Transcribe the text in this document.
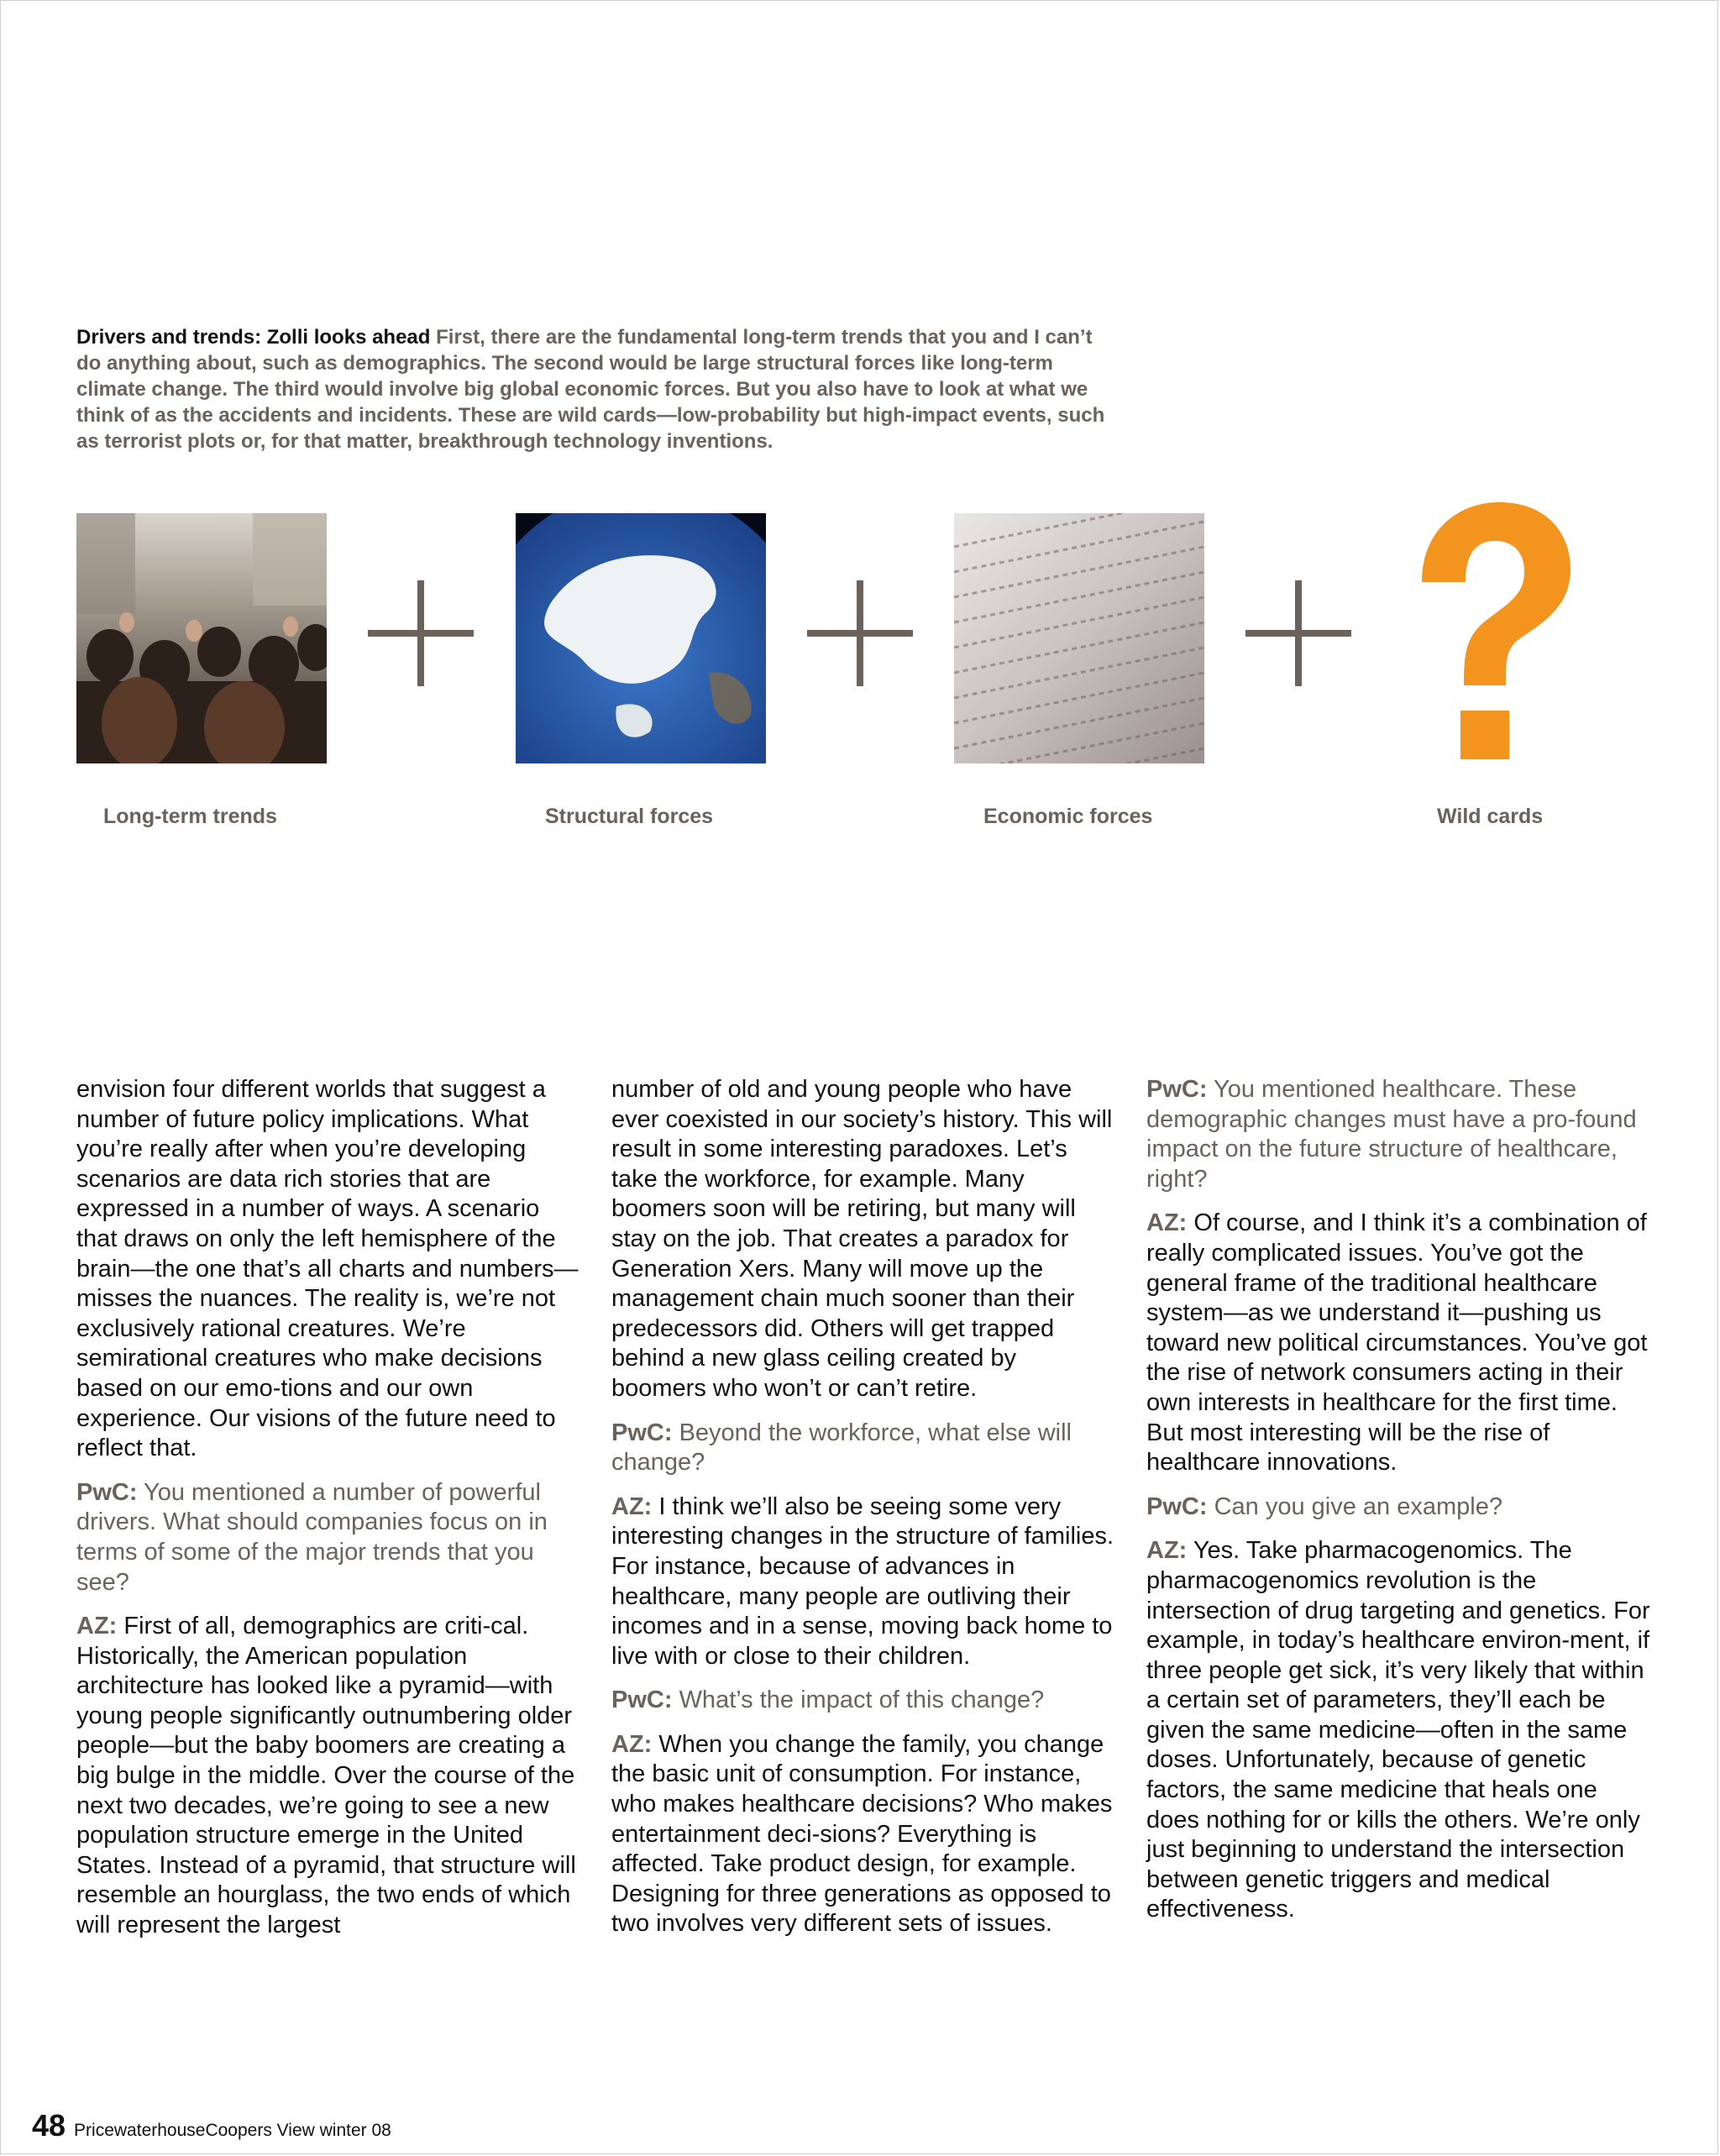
Drivers and trends: Zolli looks ahead First, there are the fundamental long-term trends that you and I can’t do anything about, such as demographics. The second would be large structural forces like long-term climate change. The third would involve big global economic forces. But you also have to look at what we think of as the accidents and incidents. These are wild cards—low-probability but high-impact events, such as terrorist plots or, for that matter, breakthrough technology inventions.
Long-term trends	Structural forces	Economic forces	Wild cards

envision four different worlds that suggest a number of future policy implications. What you’re really after when you’re developing scenarios are data rich stories that are expressed in a number of ways. A scenario that draws on only the left hemisphere of the brain—the one that’s all charts and numbers—misses the nuances. The reality is, we’re not exclusively rational creatures. We’re semirational creatures who make decisions based on our emo-tions and our own experience. Our visions of the future need to reflect that.

PwC: You mentioned a number of powerful drivers. What should companies focus on in terms of some of the major trends that you see?

AZ: First of all, demographics are criti-cal. Historically, the American population architecture has looked like a pyramid—with young people significantly outnumbering older people—but the baby boomers are creating a big bulge in the middle. Over the course of the next two decades, we’re going to see a new population structure emerge in the United States. Instead of a pyramid, that structure will resemble an hourglass, the two ends of which will represent the largest

number of old and young people who have ever coexisted in our society’s history. This will result in some interesting paradoxes. Let’s take the workforce, for example. Many boomers soon will be retiring, but many will stay on the job. That creates a paradox for Generation Xers. Many will move up the management chain much sooner than their predecessors did. Others will get trapped behind a new glass ceiling created by boomers who won’t or can’t retire.

PwC: Beyond the workforce, what else will change?

AZ: I think we’ll also be seeing some very interesting changes in the structure of families. For instance, because of advances in healthcare, many people are outliving their incomes and in a sense, moving back home to live with or close to their children.

PwC: What’s the impact of this change?

AZ: When you change the family, you change the basic unit of consumption. For instance, who makes healthcare decisions? Who makes entertainment deci-sions? Everything is affected. Take product design, for example. Designing for three generations as opposed to two involves very different sets of issues.

PwC: You mentioned healthcare. These demographic changes must have a pro-found impact on the future structure of healthcare, right?

AZ: Of course, and I think it’s a combination of really complicated issues. You’ve got the general frame of the traditional healthcare system—as we understand it—pushing us toward new political circumstances. You’ve got the rise of network consumers acting in their own interests in healthcare for the first time. But most interesting will be the rise of healthcare innovations.

PwC: Can you give an example?

AZ: Yes. Take pharmacogenomics. The pharmacogenomics revolution is the intersection of drug targeting and genetics. For example, in today’s healthcare environ-ment, if three people get sick, it’s very likely that within a certain set of parameters, they’ll each be given the same medicine—often in the same doses. Unfortunately, because of genetic factors, the same medicine that heals one does nothing for or kills the others. We’re only just beginning to understand the intersection between genetic triggers and medical effectiveness.

48 PricewaterhouseCoopers View winter 08
